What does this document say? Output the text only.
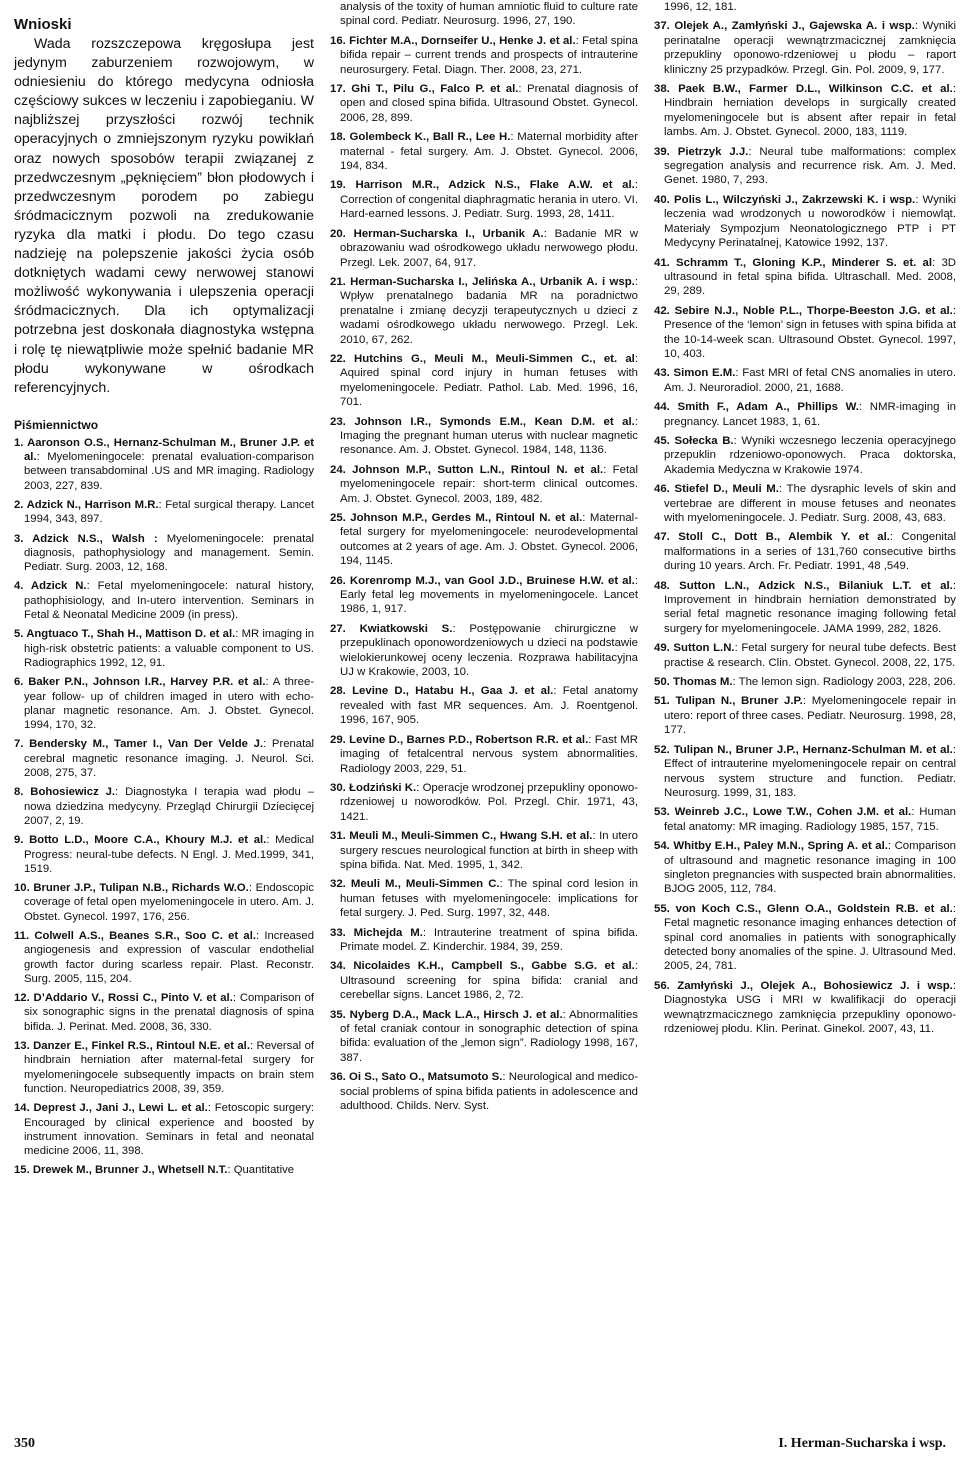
Wnioski

Wada rozszczepowa kręgosłupa jest jedynym zaburzeniem rozwojowym, w odniesieniu do którego medycyna odniosła częściowy sukces w leczeniu i zapobieganiu. W najbliższej przyszłości rozwój technik operacyjnych o zmniejszonym ryzyku powikłań oraz nowych sposobów terapii związanej z przedwczesnym „pęknięciem” błon płodowych i przedwczesnym porodem po zabiegu śródmacicznym pozwoli na zredukowanie ryzyka dla matki i płodu. Do tego czasu nadzieję na polepszenie jakości życia osób dotkniętych wadami cewy nerwowej stanowi możliwość wykonywania i ulepszenia operacji śródmacicznych. Dla ich optymalizacji potrzebna jest doskonała diagnostyka wstępna i rolę tę niewątpliwie może spełnić badanie MR płodu wykonywane w ośrodkach referencyjnych.

Piśmiennictwo
1. Aaronson O.S., Hernanz-Schulman M., Bruner J.P. et al.: Myelomeningocele: prenatal evaluation-comparison between transabdominal .US and MR imaging. Radiology 2003, 227, 839.
2. Adzick N., Harrison M.R.: Fetal surgical therapy. Lancet 1994, 343, 897.
3. Adzick N.S., Walsh : Myelomeningocele: prenatal diagnosis, pathophysiology and management. Semin. Pediatr. Surg. 2003, 12, 168.
4. Adzick N.: Fetal myelomeningocele: natural history, pathophisiology, and In-utero intervention. Seminars in Fetal & Neonatal Medicine 2009 (in press).
5. Angtuaco T., Shah H., Mattison D. et al.: MR imaging in high-risk obstetric patients: a valuable component to US. Radiographics 1992, 12, 91.
6. Baker P.N., Johnson I.R., Harvey P.R. et al.: A three-year follow- up of children imaged in utero with echo-planar magnetic resonance. Am. J. Obstet. Gynecol. 1994, 170, 32.
7. Bendersky M., Tamer I., Van Der Velde J.: Prenatal cerebral magnetic resonance imaging. J. Neurol. Sci. 2008, 275, 37.
8. Bohosiewicz J.: Diagnostyka I terapia wad płodu – nowa dziedzina medycyny. Przegląd Chirurgii Dziecięcej 2007, 2, 19.
9. Botto L.D., Moore C.A., Khoury M.J. et al.: Medical Progress: neural-tube defects. N Engl. J. Med.1999, 341, 1519.
10. Bruner J.P., Tulipan N.B., Richards W.O.: Endoscopic coverage of fetal open myelomeningocele in utero. Am. J. Obstet. Gynecol. 1997, 176, 256.
11. Colwell A.S., Beanes S.R., Soo C. et al.: Increased angiogenesis and expression of vascular endothelial growth factor during scarless repair. Plast. Reconstr. Surg. 2005, 115, 204.
12. D’Addario V., Rossi C., Pinto V. et al.: Comparison of six sonographic signs in the prenatal diagnosis of spina bifida. J. Perinat. Med. 2008, 36, 330.
13. Danzer E., Finkel R.S., Rintoul N.E. et al.: Reversal of hindbrain herniation after maternal-fetal surgery for myelomeningocele subsequently impacts on brain stem function. Neuropediatrics 2008, 39, 359.
14. Deprest J., Jani J., Lewi L. et al.: Fetoscopic surgery: Encouraged by clinical experience and boosted by instrument innovation. Seminars in fetal and neonatal medicine 2006, 11, 398.
15. Drewek M., Brunner J., Whetsell N.T.: Quantitative
analysis of the toxity of human amniotic fluid to culture rate spinal cord. Pediatr. Neurosurg. 1996, 27, 190.
16. Fichter M.A., Dornseifer U., Henke J. et al.: Fetal spina bifida repair – current trends and prospects of intrauterine neurosurgery. Fetal. Diagn. Ther. 2008, 23, 271.
17. Ghi T., Pilu G., Falco P. et al.: Prenatal diagnosis of open and closed spina bifida. Ultrasound Obstet. Gynecol. 2006, 28, 899.
18. Golembeck K., Ball R., Lee H.: Maternal morbidity after maternal - fetal surgery. Am. J. Obstet. Gynecol. 2006, 194, 834.
19. Harrison M.R., Adzick N.S., Flake A.W. et al.: Correction of congenital diaphragmatic herania in utero. VI. Hard-earned lessons. J. Pediatr. Surg. 1993, 28, 1411.
20. Herman-Sucharska I., Urbanik A.: Badanie MR w obrazowaniu wad ośrodkowego układu nerwowego płodu. Przegl. Lek. 2007, 64, 917.
21. Herman-Sucharska I., Jelińska A., Urbanik A. i wsp.: Wpływ prenatalnego badania MR na poradnictwo prenatalne i zmianę decyzji terapeutycznych u dzieci z wadami ośrodkowego układu nerwowego. Przegl. Lek. 2010, 67, 262.
22. Hutchins G., Meuli M., Meuli-Simmen C., et. al: Aquired spinal cord injury in human fetuses with myelomeningocele. Pediatr. Pathol. Lab. Med. 1996, 16, 701.
23. Johnson I.R., Symonds E.M., Kean D.M. et al.: Imaging the pregnant human uterus with nuclear magnetic resonance. Am. J. Obstet. Gynecol. 1984, 148, 1136.
24. Johnson M.P., Sutton L.N., Rintoul N. et al.: Fetal myelomeningocele repair: short-term clinical outcomes. Am. J. Obstet. Gynecol. 2003, 189, 482.
25. Johnson M.P., Gerdes M., Rintoul N. et al.: Maternal-fetal surgery for myelomeningocele: neurodevelopmental outcomes at 2 years of age. Am. J. Obstet. Gynecol. 2006, 194, 1145.
26. Korenromp M.J., van Gool J.D., Bruinese H.W. et al.: Early fetal leg movements in myelomeningocele. Lancet 1986, 1, 917.
27. Kwiatkowski S.: Postępowanie chirurgiczne w przepuklinach oponowordzeniowych u dzieci na podstawie wielokierunkowej oceny leczenia. Rozprawa habilitacyjna UJ w Krakowie, 2003, 10.
28. Levine D., Hatabu H., Gaa J. et al.: Fetal anatomy revealed with fast MR sequences. Am. J. Roentgenol. 1996, 167, 905.
29. Levine D., Barnes P.D., Robertson R.R. et al.: Fast MR imaging of fetalcentral nervous system abnormalities. Radiology 2003, 229, 51.
30. Łodziński K.: Operacje wrodzonej przepukliny oponowo-rdzeniowej u noworodków. Pol. Przegl. Chir. 1971, 43, 1421.
31. Meuli M., Meuli-Simmen C., Hwang S.H. et al.: In utero surgery rescues neurological function at birth in sheep with spina bifida. Nat. Med. 1995, 1, 342.
32. Meuli M., Meuli-Simmen C.: The spinal cord lesion in human fetuses with myelomeningocele: implications for fetal surgery. J. Ped. Surg. 1997, 32, 448.
33. Michejda M.: Intrauterine treatment of spina bifida. Primate model. Z. Kinderchir. 1984, 39, 259.
34. Nicolaides K.H., Campbell S., Gabbe S.G. et al.: Ultrasound screening for spina bifida: cranial and cerebellar signs. Lancet 1986, 2, 72.
35. Nyberg D.A., Mack L.A., Hirsch J. et al.: Abnormalities of fetal craniak contour in sonographic detection of spina bifida: evaluation of the „lemon sign”. Radiology 1998, 167, 387.
36. Oi S., Sato O., Matsumoto S.: Neurological and medico-social problems of spina bifida patients in adolescence and adulthood. Childs. Nerv. Syst.
1996, 12, 181.
37. Olejek A., Zamłyński J., Gajewska A. i wsp.: Wyniki perinatalne operacji wewnątrzmacicznej zamknięcia przepukliny oponowo-rdzeniowej u płodu – raport kliniczny 25 przypadków. Przegl. Gin. Pol. 2009, 9, 177.
38. Paek B.W., Farmer D.L., Wilkinson C.C. et al.: Hindbrain herniation develops in surgically created myelomeningocele but is absent after repair in fetal lambs. Am. J. Obstet. Gynecol. 2000, 183, 1119.
39. Pietrzyk J.J.: Neural tube malformations: complex segregation analysis and recurrence risk. Am. J. Med. Genet. 1980, 7, 293.
40. Polis L., Wilczyński J., Zakrzewski K. i wsp.: Wyniki leczenia wad wrodzonych u noworodków i niemowląt. Materiały Sympozjum Neonatologicznego PTP i PT Medycyny Perinatalnej, Katowice 1992, 137.
41. Schramm T., Gloning K.P., Minderer S. et. al: 3D ultrasound in fetal spina bifida. Ultraschall. Med. 2008, 29, 289.
42. Sebire N.J., Noble P.L., Thorpe-Beeston J.G. et al.: Presence of the ‘lemon’ sign in fetuses with spina bifida at the 10-14-week scan. Ultrasound Obstet. Gynecol. 1997, 10, 403.
43. Simon E.M.: Fast MRI of fetal CNS anomalies in utero. Am. J. Neuroradiol. 2000, 21, 1688.
44. Smith F., Adam A., Phillips W.: NMR-imaging in pregnancy. Lancet 1983, 1, 61.
45. Sołecka B.: Wyniki wczesnego leczenia operacyjnego przepuklin rdzeniowo-oponowych. Praca doktorska, Akademia Medyczna w Krakowie 1974.
46. Stiefel D., Meuli M.: The dysraphic levels of skin and vertebrae are different in mouse fetuses and neonates with myelomeningocele. J. Pediatr. Surg. 2008, 43, 683.
47. Stoll C., Dott B., Alembik Y. et al.: Congenital malformations in a series of 131,760 consecutive births during 10 years. Arch. Fr. Pediatr. 1991, 48 ,549.
48. Sutton L.N., Adzick N.S., Bilaniuk L.T. et al.: Improvement in hindbrain herniation demonstrated by serial fetal magnetic resonance imaging following fetal surgery for myelomeningocele. JAMA 1999, 282, 1826.
49. Sutton L.N.: Fetal surgery for neural tube defects. Best practise & research. Clin. Obstet. Gynecol. 2008, 22, 175.
50. Thomas M.: The lemon sign. Radiology 2003, 228, 206.
51. Tulipan N., Bruner J.P.: Myelomeningocele repair in utero: report of three cases. Pediatr. Neurosurg. 1998, 28, 177.
52. Tulipan N., Bruner J.P., Hernanz-Schulman M. et al.: Effect of intrauterine myelomeningocele repair on central nervous system structure and function. Pediatr. Neurosurg. 1999, 31, 183.
53. Weinreb J.C., Lowe T.W., Cohen J.M. et al.: Human fetal anatomy: MR imaging. Radiology 1985, 157, 715.
54. Whitby E.H., Paley M.N., Spring A. et al.: Comparison of ultrasound and magnetic resonance imaging in 100 singleton pregnancies with suspected brain abnormalities. BJOG 2005, 112, 784.
55. von Koch C.S., Glenn O.A., Goldstein R.B. et al.: Fetal magnetic resonance imaging enhances detection of spinal cord anomalies in patients with sonographically detected bony anomalies of the spine. J. Ultrasound Med. 2005, 24, 781.
56. Zamłyński J., Olejek A., Bohosiewicz J. i wsp.: Diagnostyka USG i MRI w kwalifikacji do operacji wewnątrzmacicznego zamknięcia przepukliny oponowo-rdzeniowej płodu. Klin. Perinat. Ginekol. 2007, 43, 11.
350	I. Herman-Sucharska i wsp.
